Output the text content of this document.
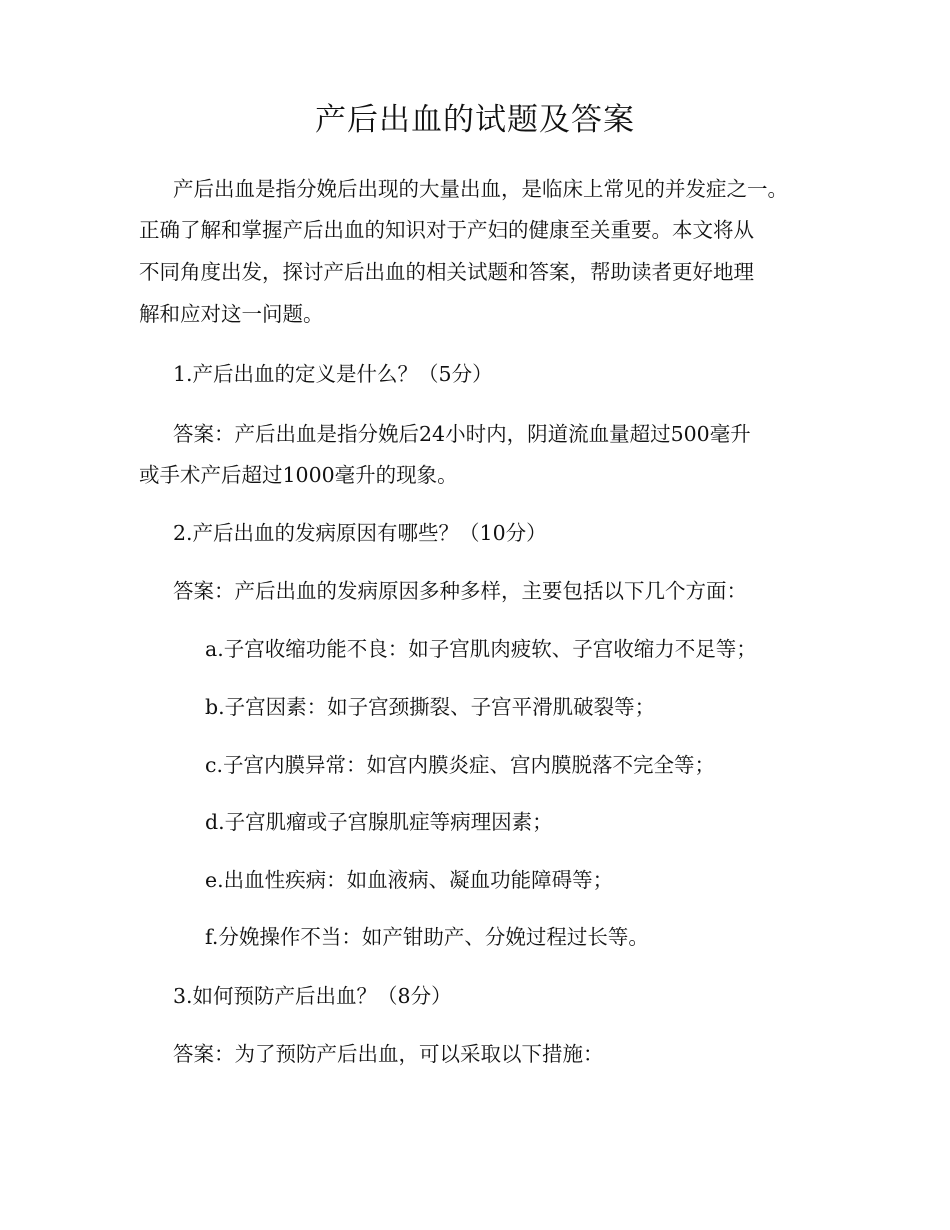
产后出血的试题及答案
产后出血是指分娩后出现的大量出血，是临床上常见的并发症之一。
正确了解和掌握产后出血的知识对于产妇的健康至关重要。本文将从
不同角度出发，探讨产后出血的相关试题和答案，帮助读者更好地理
解和应对这一问题。
1.产后出血的定义是什么？（5分）
答案：产后出血是指分娩后24小时内，阴道流血量超过500毫升
或手术产后超过1000毫升的现象。
2.产后出血的发病原因有哪些？（10分）
答案：产后出血的发病原因多种多样，主要包括以下几个方面：
a.子宫收缩功能不良：如子宫肌肉疲软、子宫收缩力不足等；
b.子宫因素：如子宫颈撕裂、子宫平滑肌破裂等；
c.子宫内膜异常：如宫内膜炎症、宫内膜脱落不完全等；
d.子宫肌瘤或子宫腺肌症等病理因素；
e.出血性疾病：如血液病、凝血功能障碍等；
f.分娩操作不当：如产钳助产、分娩过程过长等。
3.如何预防产后出血？（8分）
答案：为了预防产后出血，可以采取以下措施：
